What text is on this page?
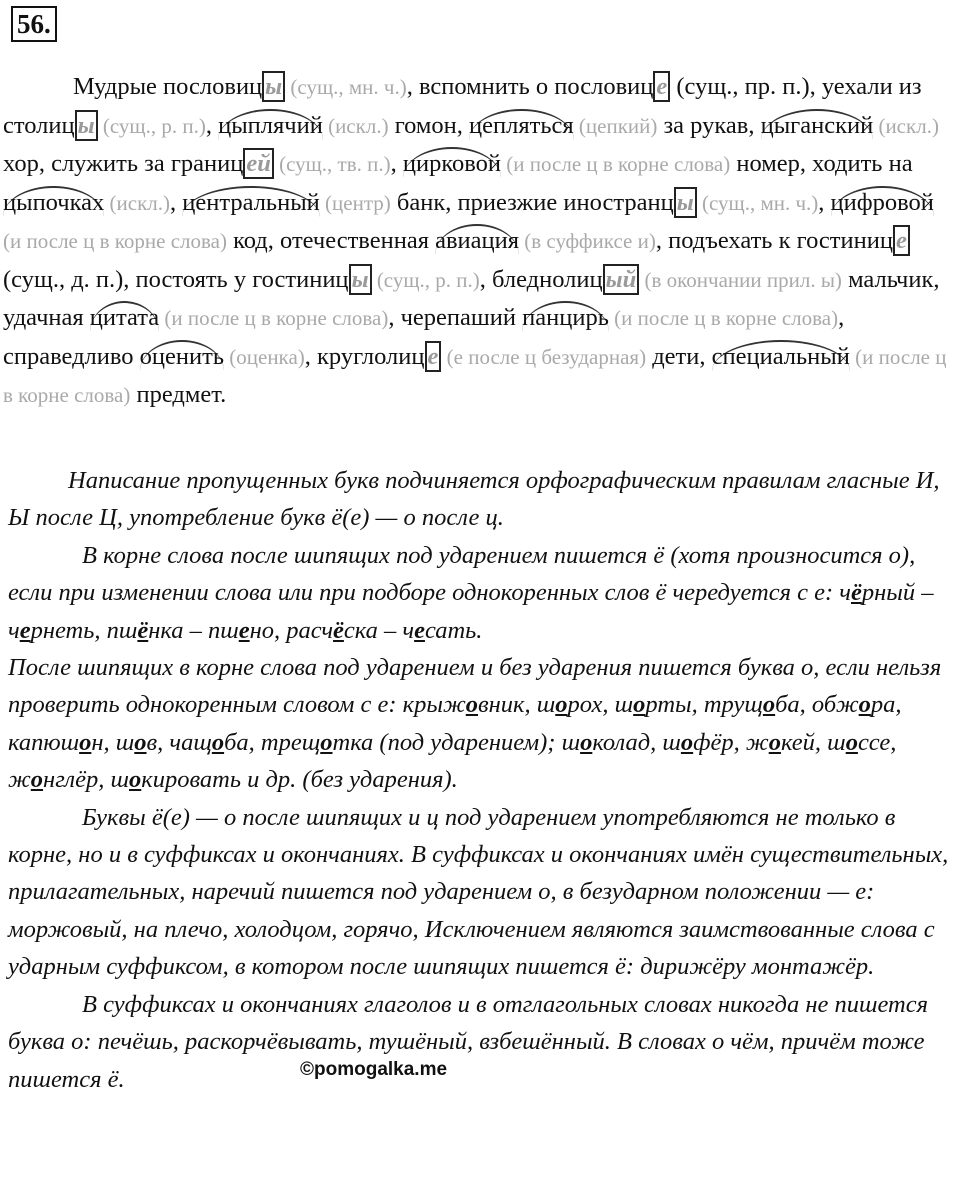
56.
Мудрые пословиц ы (сущ., мн. ч.), вспомнить о пословиц е (сущ., пр. п.), уехали из столиц ы (сущ., р. п.), цыплячий (искл.) гомон, цепляться (цепкий) за рукав, цыганский (искл.) хор, служить за границ ей (сущ., тв. п.), цирковой (и после ц в корне слова) номер, ходить на цыпочках (искл.), центральный (центр) банк, приезжие иностранц ы (сущ., мн. ч.), цифровой (и после ц в корне слова) код, отечественная авиация (в суффиксе и), подъехать к гостиниц е (сущ., д. п.), постоять у гостиниц ы (сущ., р. п.), бледнолиц ый (в окончании прил. ы) мальчик, удачная цитата (и после ц в корне слова), черепаший панцирь (и после ц в корне слова), справедливо оценить (оценка), круглолиц е (е после ц безударная) дети, специальный (и после ц в корне слова) предмет.

Написание пропущенных букв подчиняется орфографическим правилам гласные И, Ы после Ц, употребление букв ё(е) — о после ц.

В корне слова после шипящих под ударением пишется ё (хотя произносится о), если при изменении слова или при подборе однокоренных слов ё чередуется с е: чёрный – чернеть, пшёнка – пшено, расчёска – чесать.

После шипящих в корне слова под ударением и без ударения пишется буква о, если нельзя проверить однокоренным словом с е: крыжовник, шорох, шорты, трущоба, обжора, капюшон, шов, чащоба, трещотка (под ударением); шоколад, шофёр, жокей, шоссе, жонглёр, шокировать и др. (без ударения).

Буквы ё(е) — о после шипящих и ц под ударением употребляются не только в корне, но и в суффиксах и окончаниях. В суффиксах и окончаниях имён существительных, прилагательных, наречий пишется под ударением о, в безударном положении — е: моржовый, на плечо, холодцом, горячо, Исключением являются заимствованные слова с ударным суффиксом, в котором после шипящих пишется ё: дирижёру монтажёр.

В суффиксах и окончаниях глаголов и в отглагольных словах никогда не пишется буква о: печёшь, раскорчёвывать, тушёный, взбешённый. В словах о чём, причём тоже пишется ё.	©pomogalka.me
